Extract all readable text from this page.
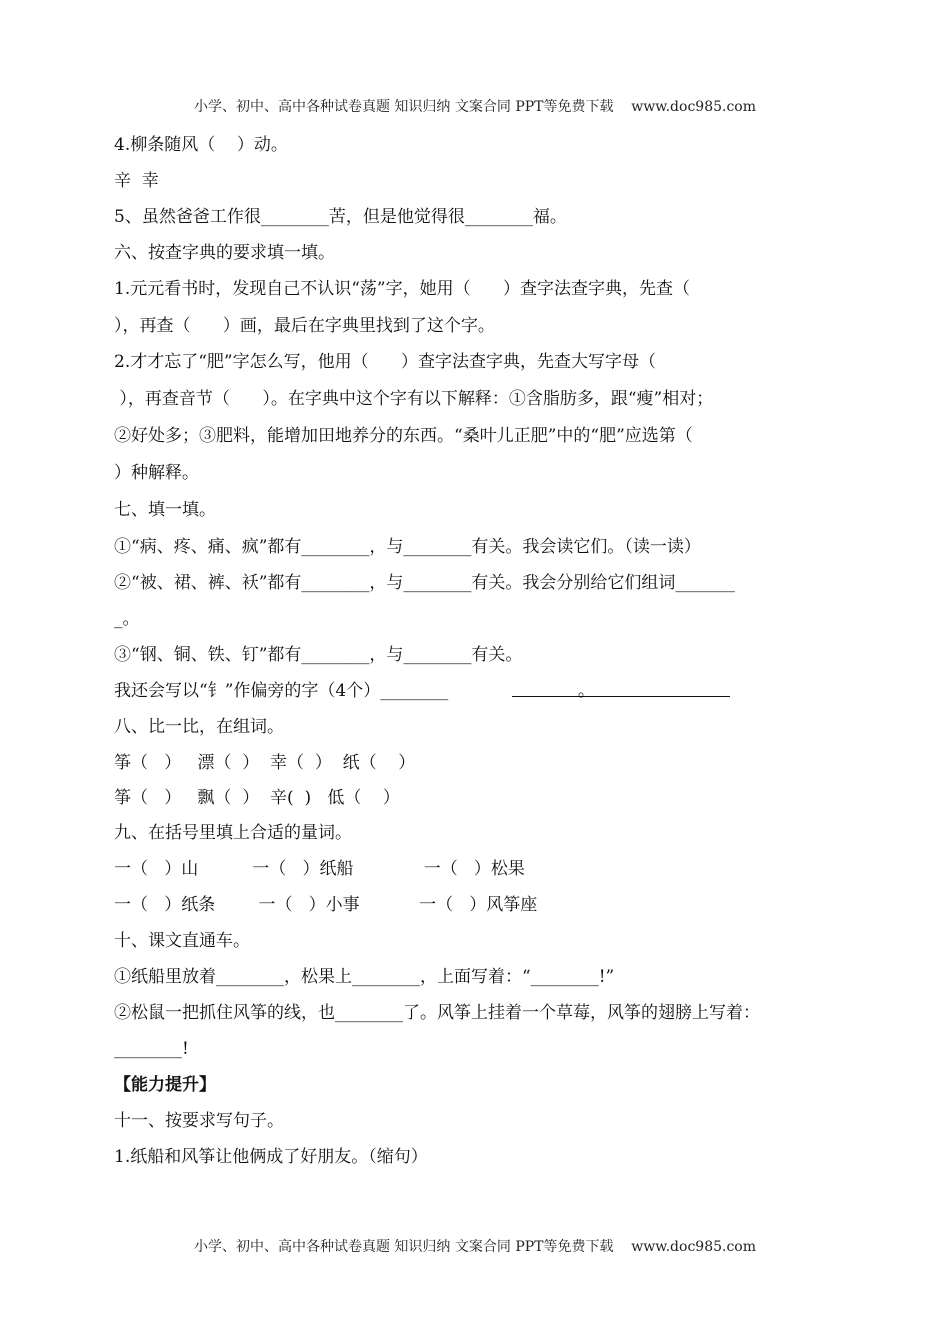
小学、初中、高中各种试卷真题 知识归纳 文案合同 PPT等免费下载    www.doc985.com

4.柳条随风（    ）动。

辛  幸

5、虽然爸爸工作很________苦，但是他觉得很________福。

六、按查字典的要求填一填。

1.元元看书时，发现自己不认识“荡”字，她用（      ）查字法查字典，先查（

），再查（      ）画，最后在字典里找到了这个字。

2.才才忘了“肥”字怎么写，他用（      ）查字法查字典，先查大写字母（

），再查音节（      ）。在字典中这个字有以下解释：①含脂肪多，跟“瘦”相对；

②好处多；③肥料，能增加田地养分的东西。“桑叶儿正肥”中的“肥”应选第（

）种解释。

七、填一填。

①“病、疼、痛、疯”都有________，与________有关。我会读它们。（读一读）

②“被、裙、裤、袄”都有________，与________有关。我会分别给它们组词_______

_。

③“钢、铜、铁、钉”都有________，与________有关。

我还会写以“钅”作偏旁的字（4个）________                        。

八、比一比，在组词。

筝（   ）   漂（  ）  幸（  ）  纸（    ）

筝（   ）   飘（  ）  辛(  )   低（    ）

九、在括号里填上合适的量词。

一（   ）山          一（   ）纸船             一（   ）松果

一（   ）纸条        一（   ）小事           一（   ）风筝座

十、课文直通车。

①纸船里放着________，松果上________，上面写着：“________!”

②松鼠一把抓住风筝的线，也________了。风筝上挂着一个草莓，风筝的翅膀上写着：

________!

【能力提升】

十一、按要求写句子。

1.纸船和风筝让他俩成了好朋友。（缩句）

小学、初中、高中各种试卷真题 知识归纳 文案合同 PPT等免费下载    www.doc985.com
